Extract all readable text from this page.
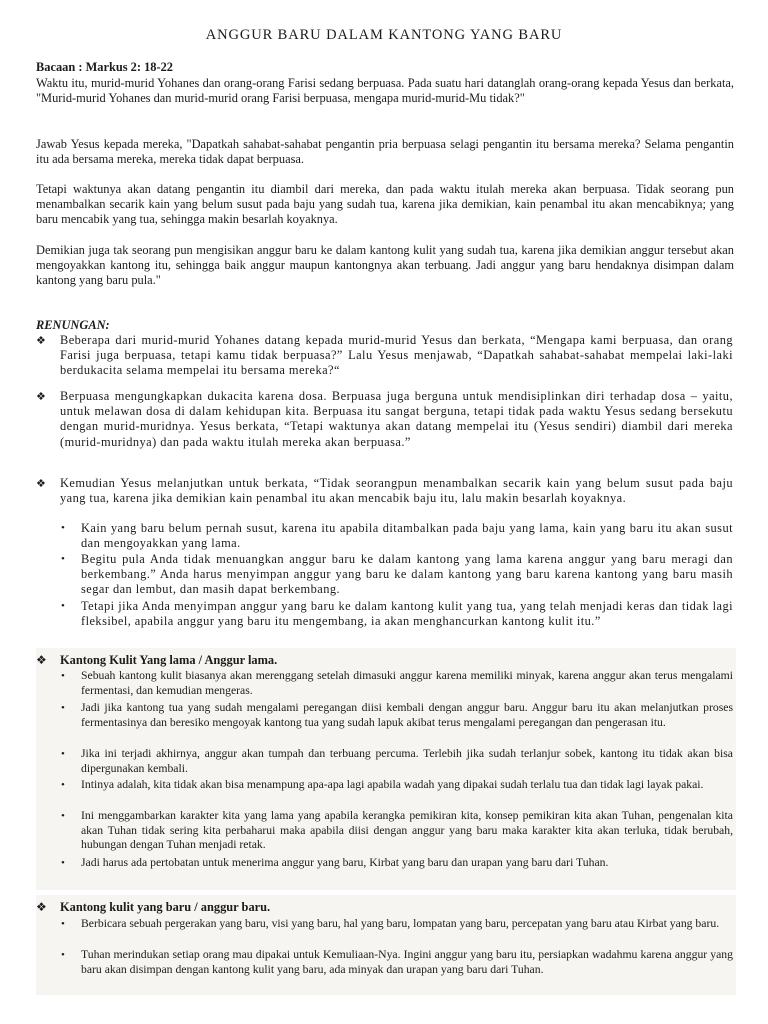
ANGGUR BARU DALAM KANTONG YANG BARU
Bacaan : Markus 2: 18-22
Waktu itu, murid-murid Yohanes dan orang-orang Farisi sedang berpuasa. Pada suatu hari datanglah orang-orang kepada Yesus dan berkata, "Murid-murid Yohanes dan murid-murid orang Farisi berpuasa, mengapa murid-murid-Mu tidak?"
Jawab Yesus kepada mereka, "Dapatkah sahabat-sahabat pengantin pria berpuasa selagi pengantin itu bersama mereka? Selama pengantin itu ada bersama mereka, mereka tidak dapat berpuasa.
Tetapi waktunya akan datang pengantin itu diambil dari mereka, dan pada waktu itulah mereka akan berpuasa. Tidak seorang pun menambalkan secarik kain yang belum susut pada baju yang sudah tua, karena jika demikian, kain penambal itu akan mencabiknya; yang baru mencabik yang tua, sehingga makin besarlah koyaknya.
Demikian juga tak seorang pun mengisikan anggur baru ke dalam kantong kulit yang sudah tua, karena jika demikian anggur tersebut akan mengoyakkan kantong itu, sehingga baik anggur maupun kantongnya akan terbuang. Jadi anggur yang baru hendaknya disimpan dalam kantong yang baru pula."
RENUNGAN:
❖	Beberapa dari murid-murid Yohanes datang kepada murid-murid Yesus dan berkata, “Mengapa kami berpuasa, dan orang Farisi juga berpuasa, tetapi kamu tidak berpuasa?” Lalu Yesus menjawab, “Dapatkah sahabat-sahabat mempelai laki-laki berdukacita selama mempelai itu bersama mereka?“
❖	Berpuasa mengungkapkan dukacita karena dosa. Berpuasa juga berguna untuk mendisiplinkan diri terhadap dosa – yaitu, untuk melawan dosa di dalam kehidupan kita. Berpuasa itu sangat berguna, tetapi tidak pada waktu Yesus sedang bersekutu dengan murid-muridnya. Yesus berkata, “Tetapi waktunya akan datang mempelai itu (Yesus sendiri) diambil dari mereka (murid-muridnya) dan pada waktu itulah mereka akan berpuasa.”
❖	Kemudian Yesus melanjutkan untuk berkata, “Tidak seorangpun menambalkan secarik kain yang belum susut pada baju yang tua, karena jika demikian kain penambal itu akan mencabik baju itu, lalu makin besarlah koyaknya.
• Kain yang baru belum pernah susut, karena itu apabila ditambalkan pada baju yang lama, kain yang baru itu akan susut dan mengoyakkan yang lama.
• Begitu pula Anda tidak menuangkan anggur baru ke dalam kantong yang lama karena anggur yang baru meragi dan berkembang.” Anda harus menyimpan anggur yang baru ke dalam kantong yang baru karena kantong yang baru masih segar dan lembut, dan masih dapat berkembang.
• Tetapi jika Anda menyimpan anggur yang baru ke dalam kantong kulit yang tua, yang telah menjadi keras dan tidak lagi fleksibel, apabila anggur yang baru itu mengembang, ia akan menghancurkan kantong kulit itu.”
❖	Kantong Kulit Yang lama / Anggur lama.
• Sebuah kantong kulit biasanya akan merenggang setelah dimasuki anggur karena memiliki minyak, karena anggur akan terus mengalami fermentasi, dan kemudian mengeras.
• Jadi jika kantong tua yang sudah mengalami peregangan diisi kembali dengan anggur baru. Anggur baru itu akan melanjutkan proses fermentasinya dan beresiko mengoyak kantong tua yang sudah lapuk akibat terus mengalami peregangan dan pengerasan itu.
• Jika ini terjadi akhirnya, anggur akan tumpah dan terbuang percuma. Terlebih jika sudah terlanjur sobek, kantong itu tidak akan bisa dipergunakan kembali.
• Intinya adalah, kita tidak akan bisa menampung apa-apa lagi apabila wadah yang dipakai sudah terlalu tua dan tidak lagi layak pakai.
• Ini menggambarkan karakter kita yang lama yang apabila kerangka pemikiran kita, konsep pemikiran kita akan Tuhan, pengenalan kita akan Tuhan tidak sering kita perbaharui maka apabila diisi dengan anggur yang baru maka karakter kita akan terluka, tidak berubah, hubungan dengan Tuhan menjadi retak.
• Jadi harus ada pertobatan untuk menerima anggur yang baru, Kirbat yang baru dan urapan yang baru dari Tuhan.
❖	Kantong kulit yang baru / anggur baru.
• Berbicara sebuah pergerakan yang baru, visi yang baru, hal yang baru, lompatan yang baru, percepatan yang baru atau Kirbat yang baru.
• Tuhan merindukan setiap orang mau dipakai untuk Kemuliaan-Nya. Ingini anggur yang baru itu, persiapkan wadahmu karena anggur yang baru akan disimpan dengan kantong kulit yang baru, ada minyak dan urapan yang baru dari Tuhan.
